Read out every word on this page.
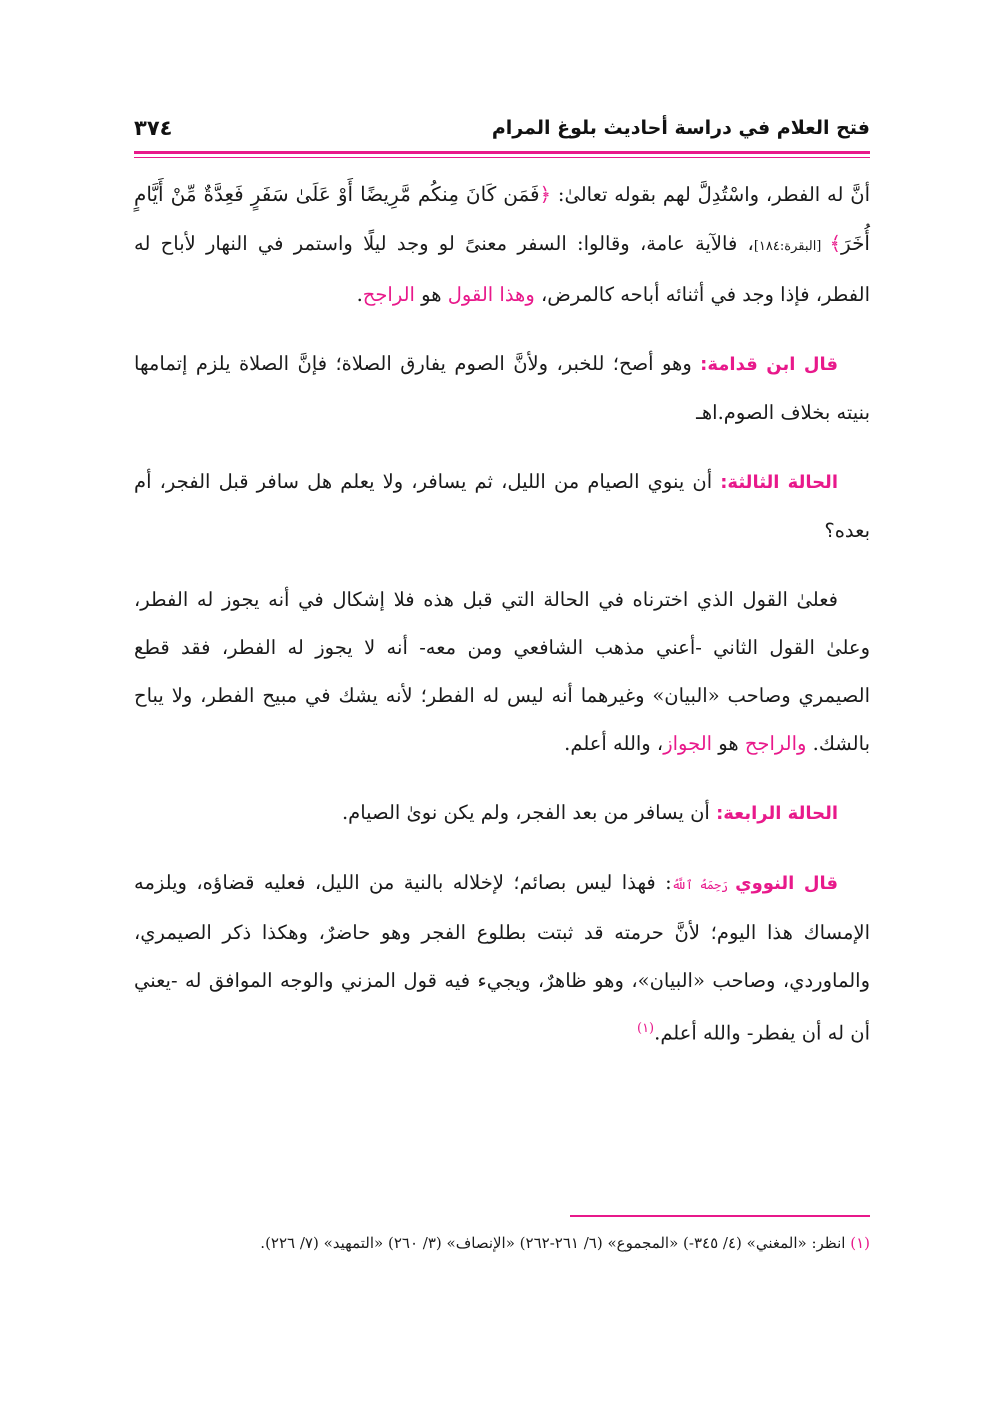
فتح العلام في دراسة أحاديث بلوغ المرام
٣٧٤

أنَّ له الفطر، واسْتُدِلَّ لهم بقوله تعالىٰ: ﴿فَمَن كَانَ مِنكُم مَّرِيضًا أَوْ عَلَىٰ سَفَرٍ فَعِدَّةٌ مِّنْ أَيَّامٍ أُخَرَ﴾ [البقرة:١٨٤]، فالآية عامة، وقالوا: السفر معنىً لو وجد ليلًا واستمر في النهار لأباح له الفطر، فإذا وجد في أثنائه أباحه كالمرض، وهذا القول هو الراجح.

قال ابن قدامة: وهو أصح؛ للخبر، ولأنَّ الصوم يفارق الصلاة؛ فإنَّ الصلاة يلزم إتمامها بنيته بخلاف الصوم.اهـ

الحالة الثالثة: أن ينوي الصيام من الليل، ثم يسافر، ولا يعلم هل سافر قبل الفجر، أم بعده؟

فعلىٰ القول الذي اخترناه في الحالة التي قبل هذه فلا إشكال في أنه يجوز له الفطر، وعلىٰ القول الثاني -أعني مذهب الشافعي ومن معه- أنه لا يجوز له الفطر، فقد قطع الصيمري وصاحب «البيان» وغيرهما أنه ليس له الفطر؛ لأنه يشك في مبيح الفطر، ولا يباح بالشك. والراجح هو الجواز، والله أعلم.

الحالة الرابعة: أن يسافر من بعد الفجر، ولم يكن نوىٰ الصيام.

قال النووي رَحِمَهُ ٱللَّهُ: فهذا ليس بصائم؛ لإخلاله بالنية من الليل، فعليه قضاؤه، ويلزمه الإمساك هذا اليوم؛ لأنَّ حرمته قد ثبتت بطلوع الفجر وهو حاضرٌ، وهكذا ذكر الصيمري، والماوردي، وصاحب «البيان»، وهو ظاهرٌ، ويجيء فيه قول المزني والوجه الموافق له -يعني أن له أن يفطر- والله أعلم.$^{(١)}$

(١) انظر: «المغني» (٤/ ٣٤٥-) «المجموع» (٦/ ٢٦١-٢٦٢) «الإنصاف» (٣/ ٢٦٠) «التمهيد» (٧/ ٢٢٦).
